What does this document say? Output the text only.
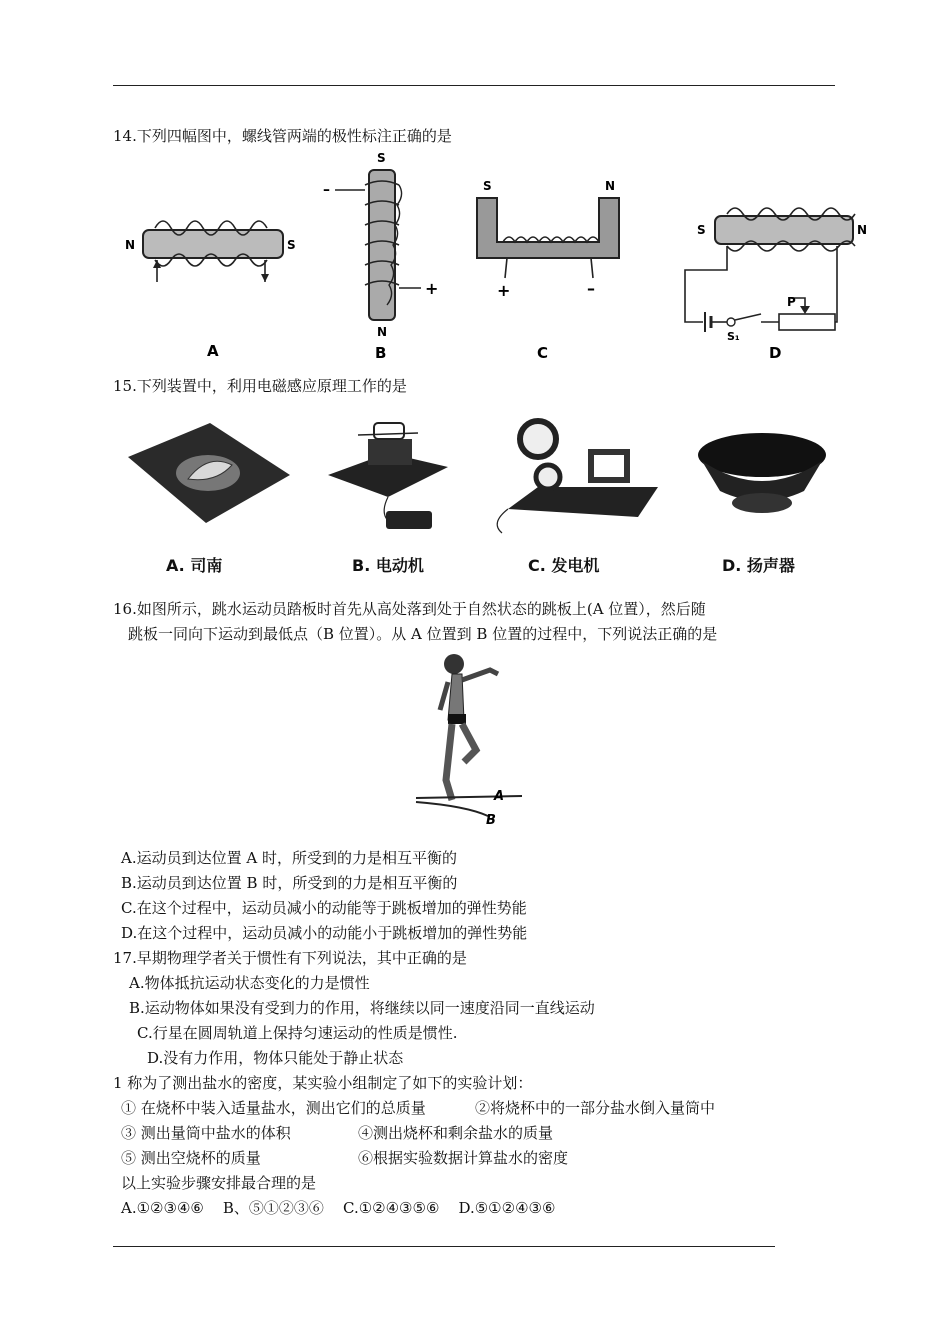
14.下列四幅图中，螺线管两端的极性标注正确的是
N	S
A
S
N
–
+
B
S	N
+	–
C
S	N
P
S₁
D
15.下列装置中，利用电磁感应原理工作的是
A. 司南	B. 电动机	C. 发电机	D. 扬声器
16.如图所示，跳水运动员踏板时首先从高处落到处于自然状态的跳板上(A 位置），然后随
跳板一同向下运动到最低点（B 位置）。从 A 位置到 B 位置的过程中，下列说法正确的是
A
B
A.运动员到达位置 A 时，所受到的力是相互平衡的
B.运动员到达位置 B 时，所受到的力是相互平衡的
C.在这个过程中，运动员减小的动能等于跳板增加的弹性势能
D.在这个过程中，运动员减小的动能小于跳板增加的弹性势能
17.早期物理学者关于惯性有下列说法，其中正确的是
A.物体抵抗运动状态变化的力是惯性
B.运动物体如果没有受到力的作用，将继续以同一速度沿同一直线运动
C.行星在圆周轨道上保持匀速运动的性质是惯性.
D.没有力作用，物体只能处于静止状态
1 称为了测出盐水的密度，某实验小组制定了如下的实验计划：
① 在烧杯中装入适量盐水，测出它们的总质量	②将烧杯中的一部分盐水倒入量筒中
③ 测出量筒中盐水的体积	④测出烧杯和剩余盐水的质量
⑤ 测出空烧杯的质量	⑥根据实验数据计算盐水的密度
以上实验步骤安排最合理的是
A.①②③④⑥    B、⑤①②③⑥    C.①②④③⑤⑥    D.⑤①②④③⑥
